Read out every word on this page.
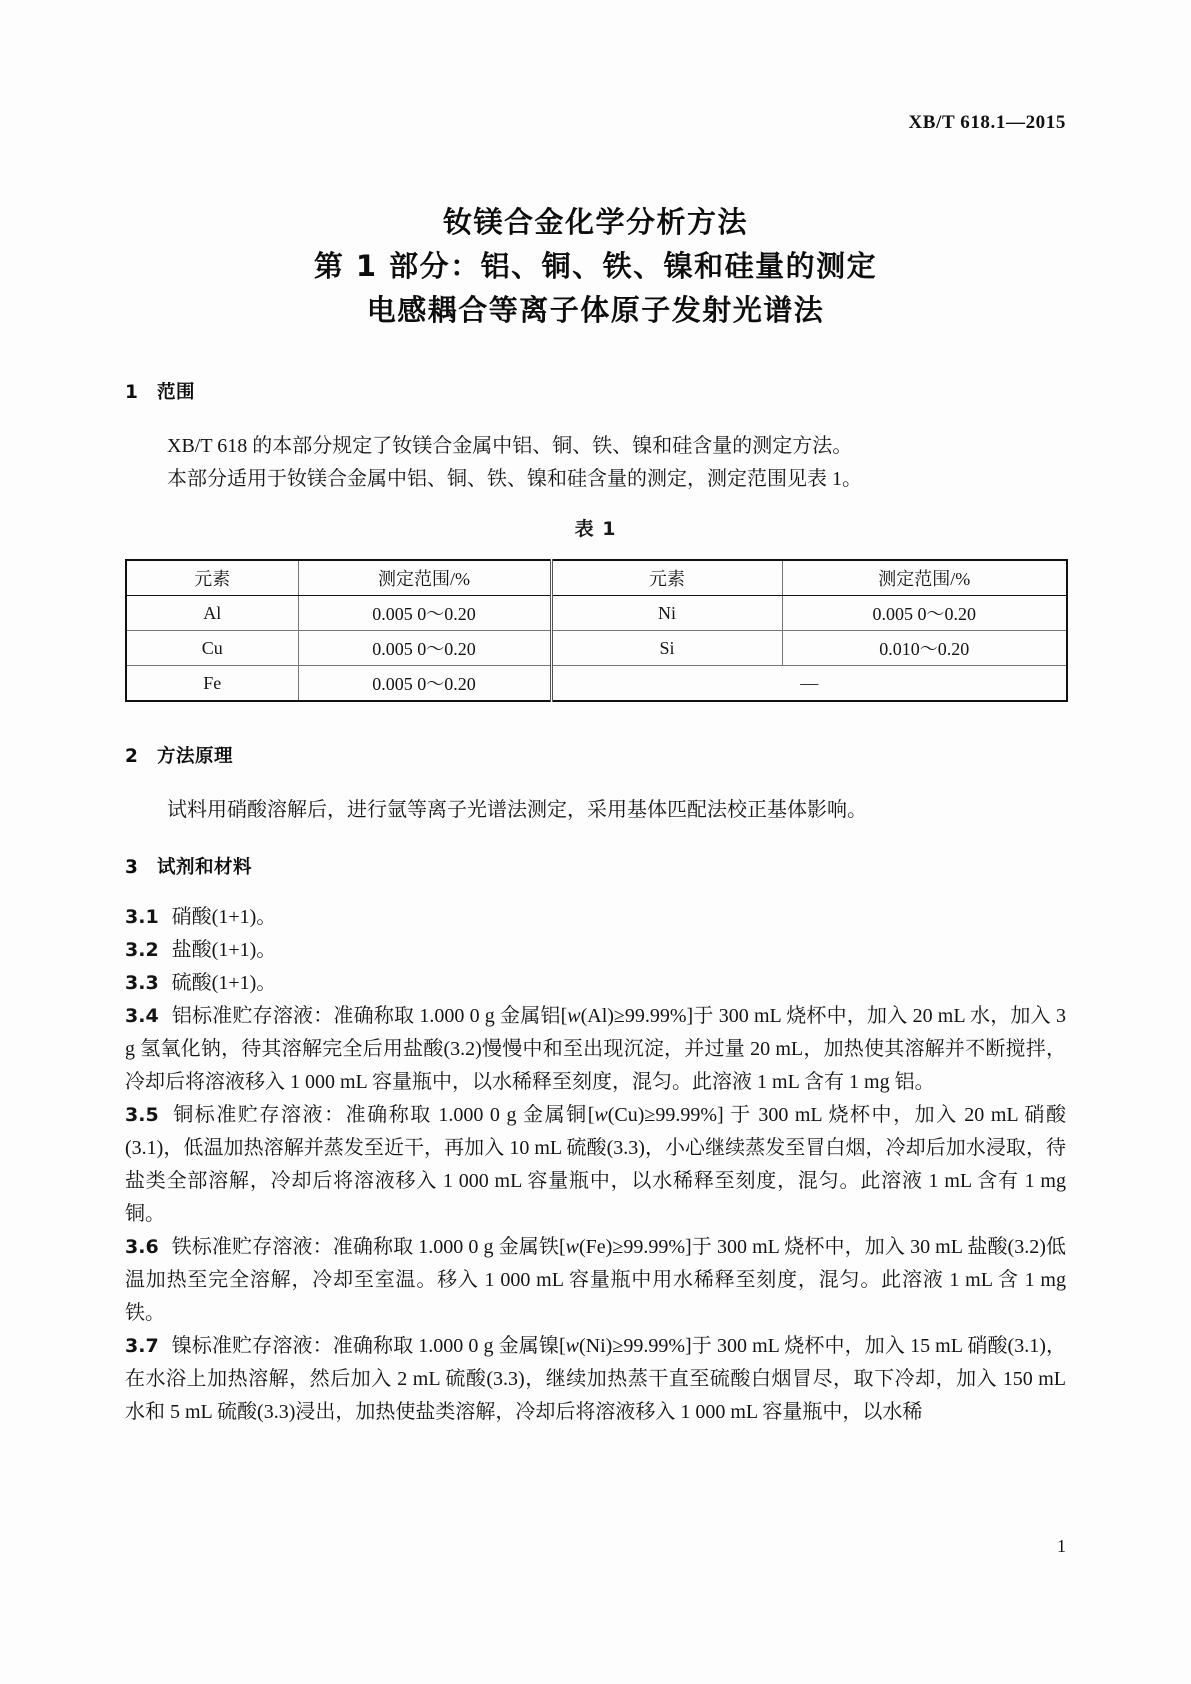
XB/T 618.1—2015
钕镁合金化学分析方法
第 1 部分：铝、铜、铁、镍和硅量的测定
电感耦合等离子体原子发射光谱法
1 范围

XB/T 618 的本部分规定了钕镁合金属中铝、铜、铁、镍和硅含量的测定方法。

本部分适用于钕镁合金属中铝、铜、铁、镍和硅含量的测定，测定范围见表 1。

表 1
元素	测定范围/%	元素	测定范围/%
Al	0.005 0～0.20	Ni	0.005 0～0.20
Cu	0.005 0～0.20	Si	0.010～0.20
Fe	0.005 0～0.20	—	
2 方法原理

试料用硝酸溶解后，进行氩等离子光谱法测定，采用基体匹配法校正基体影响。

3 试剂和材料

3.1 硝酸(1+1)。

3.2 盐酸(1+1)。

3.3 硫酸(1+1)。

3.4 铝标准贮存溶液：准确称取 1.000 0 g 金属铝[w(Al)≥99.99%]于 300 mL 烧杯中，加入 20 mL 水，加入 3 g 氢氧化钠，待其溶解完全后用盐酸(3.2)慢慢中和至出现沉淀，并过量 20 mL，加热使其溶解并不断搅拌，冷却后将溶液移入 1 000 mL 容量瓶中，以水稀释至刻度，混匀。此溶液 1 mL 含有 1 mg 铝。

3.5 铜标准贮存溶液：准确称取 1.000 0 g 金属铜[w(Cu)≥99.99%] 于 300 mL 烧杯中，加入 20 mL 硝酸(3.1)，低温加热溶解并蒸发至近干，再加入 10 mL 硫酸(3.3)，小心继续蒸发至冒白烟，冷却后加水浸取，待盐类全部溶解，冷却后将溶液移入 1 000 mL 容量瓶中，以水稀释至刻度，混匀。此溶液 1 mL 含有 1 mg 铜。

3.6 铁标准贮存溶液：准确称取 1.000 0 g 金属铁[w(Fe)≥99.99%]于 300 mL 烧杯中，加入 30 mL 盐酸(3.2)低温加热至完全溶解，冷却至室温。移入 1 000 mL 容量瓶中用水稀释至刻度，混匀。此溶液 1 mL 含 1 mg 铁。

3.7 镍标准贮存溶液：准确称取 1.000 0 g 金属镍[w(Ni)≥99.99%]于 300 mL 烧杯中，加入 15 mL 硝酸(3.1)，在水浴上加热溶解，然后加入 2 mL 硫酸(3.3)，继续加热蒸干直至硫酸白烟冒尽，取下冷却，加入 150 mL 水和 5 mL 硫酸(3.3)浸出，加热使盐类溶解，冷却后将溶液移入 1 000 mL 容量瓶中，以水稀

1
